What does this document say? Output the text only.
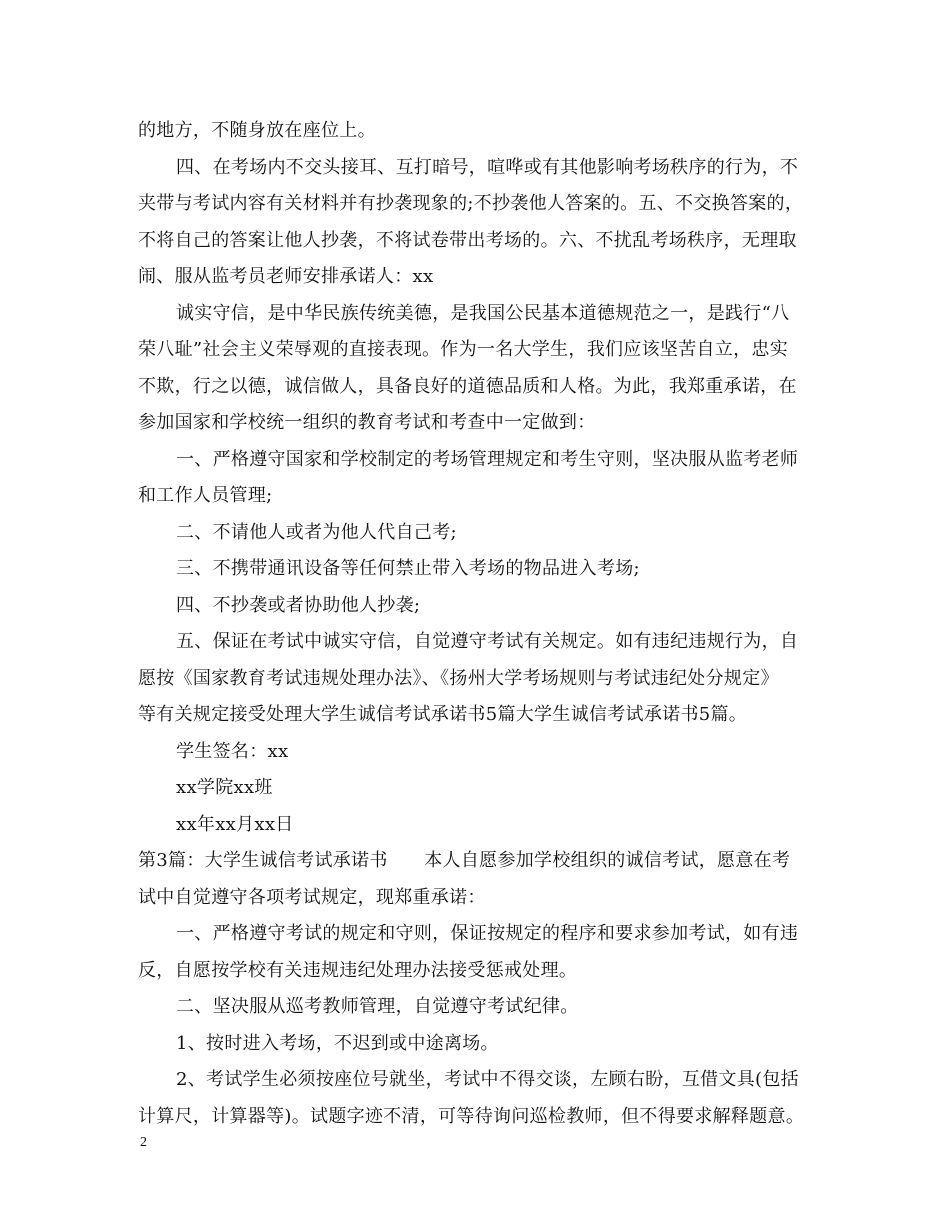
的地方，不随身放在座位上。
四、在考场内不交头接耳、互打暗号，喧哗或有其他影响考场秩序的行为，不
夹带与考试内容有关材料并有抄袭现象的;不抄袭他人答案的。五、不交换答案的，
不将自己的答案让他人抄袭，不将试卷带出考场的。六、不扰乱考场秩序，无理取
闹、服从监考员老师安排承诺人：xx
诚实守信，是中华民族传统美德，是我国公民基本道德规范之一，是践行“八
荣八耻”社会主义荣辱观的直接表现。作为一名大学生，我们应该坚苦自立，忠实
不欺，行之以德，诚信做人，具备良好的道德品质和人格。为此，我郑重承诺，在
参加国家和学校统一组织的教育考试和考查中一定做到：
一、严格遵守国家和学校制定的考场管理规定和考生守则，坚决服从监考老师
和工作人员管理;
二、不请他人或者为他人代自己考;
三、不携带通讯设备等任何禁止带入考场的物品进入考场;
四、不抄袭或者协助他人抄袭;
五、保证在考试中诚实守信，自觉遵守考试有关规定。如有违纪违规行为，自
愿按《国家教育考试违规处理办法》、《扬州大学考场规则与考试违纪处分规定》
等有关规定接受处理大学生诚信考试承诺书5篇大学生诚信考试承诺书5篇。
学生签名：xx
xx学院xx班
xx年xx月xx日
第3篇：大学生诚信考试承诺书　　本人自愿参加学校组织的诚信考试，愿意在考
试中自觉遵守各项考试规定，现郑重承诺：
一、严格遵守考试的规定和守则，保证按规定的程序和要求参加考试，如有违
反，自愿按学校有关违规违纪处理办法接受惩戒处理。
二、坚决服从巡考教师管理，自觉遵守考试纪律。
1、按时进入考场，不迟到或中途离场。
2、考试学生必须按座位号就坐，考试中不得交谈，左顾右盼，互借文具(包括
计算尺，计算器等)。试题字迹不清，可等待询问巡检教师，但不得要求解释题意。
2
